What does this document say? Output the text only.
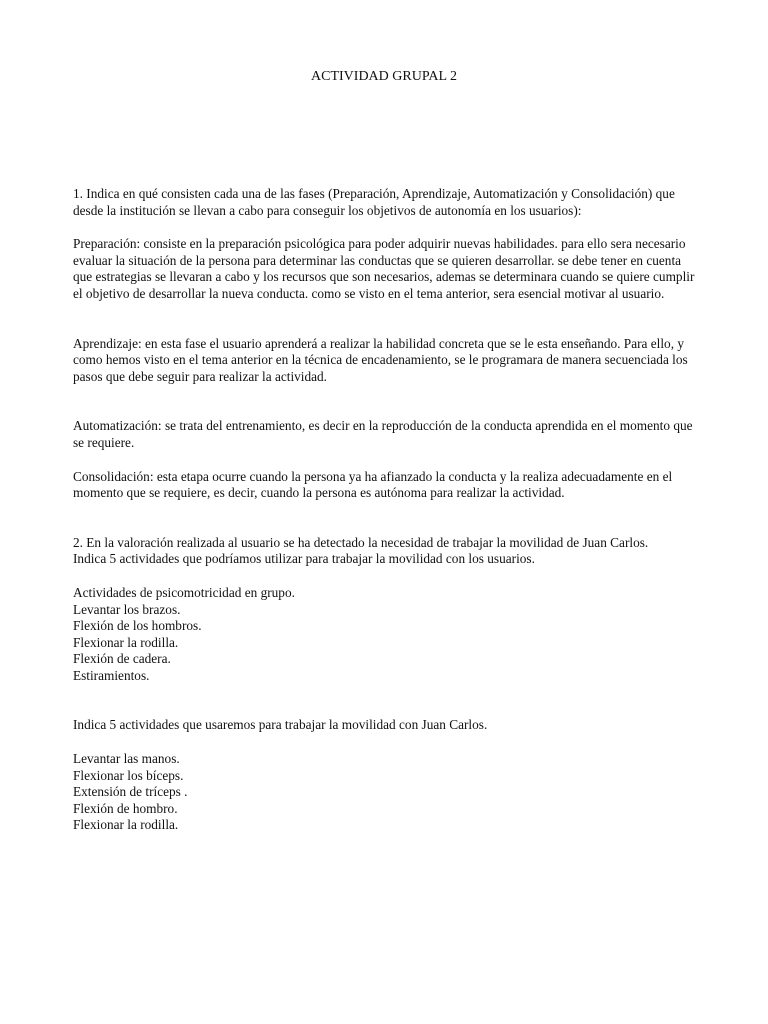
ACTIVIDAD GRUPAL 2

1. Indica en qué consisten cada una de las fases (Preparación, Aprendizaje, Automatización y Consolidación) que desde la institución se llevan a cabo para conseguir los objetivos de autonomía en los usuarios):

Preparación: consiste en la preparación psicológica para poder adquirir nuevas habilidades. para ello sera necesario evaluar la situación de la persona para determinar las conductas que se quieren desarrollar. se debe tener en cuenta que estrategias se llevaran a cabo y los recursos que son necesarios, ademas se determinara cuando se quiere cumplir el objetivo de desarrollar la nueva conducta. como se visto en el tema anterior, sera esencial motivar al usuario.

Aprendizaje: en esta fase el usuario aprenderá a realizar la habilidad concreta que se le esta enseñando. Para ello, y como hemos visto en el tema anterior en la técnica de encadenamiento, se le programara de manera secuenciada los pasos que debe seguir para realizar la actividad.

Automatización: se trata del entrenamiento, es decir en la reproducción de la conducta aprendida en el momento que se requiere.

Consolidación: esta etapa ocurre cuando la persona ya ha afianzado la conducta y la realiza adecuadamente en el momento que se requiere, es decir, cuando la persona es autónoma para realizar la actividad.

2. En la valoración realizada al usuario se ha detectado la necesidad de trabajar la movilidad de Juan Carlos.

Indica 5 actividades que podríamos utilizar para trabajar la movilidad con los usuarios.

Actividades de psicomotricidad en grupo.
Levantar los brazos.
Flexión de los hombros.
Flexionar la rodilla.
Flexión de cadera.
Estiramientos.

Indica 5 actividades que usaremos para trabajar la movilidad con Juan Carlos.

Levantar las manos.
Flexionar los bíceps.
Extensión de tríceps .
Flexión de hombro.
Flexionar la rodilla.
